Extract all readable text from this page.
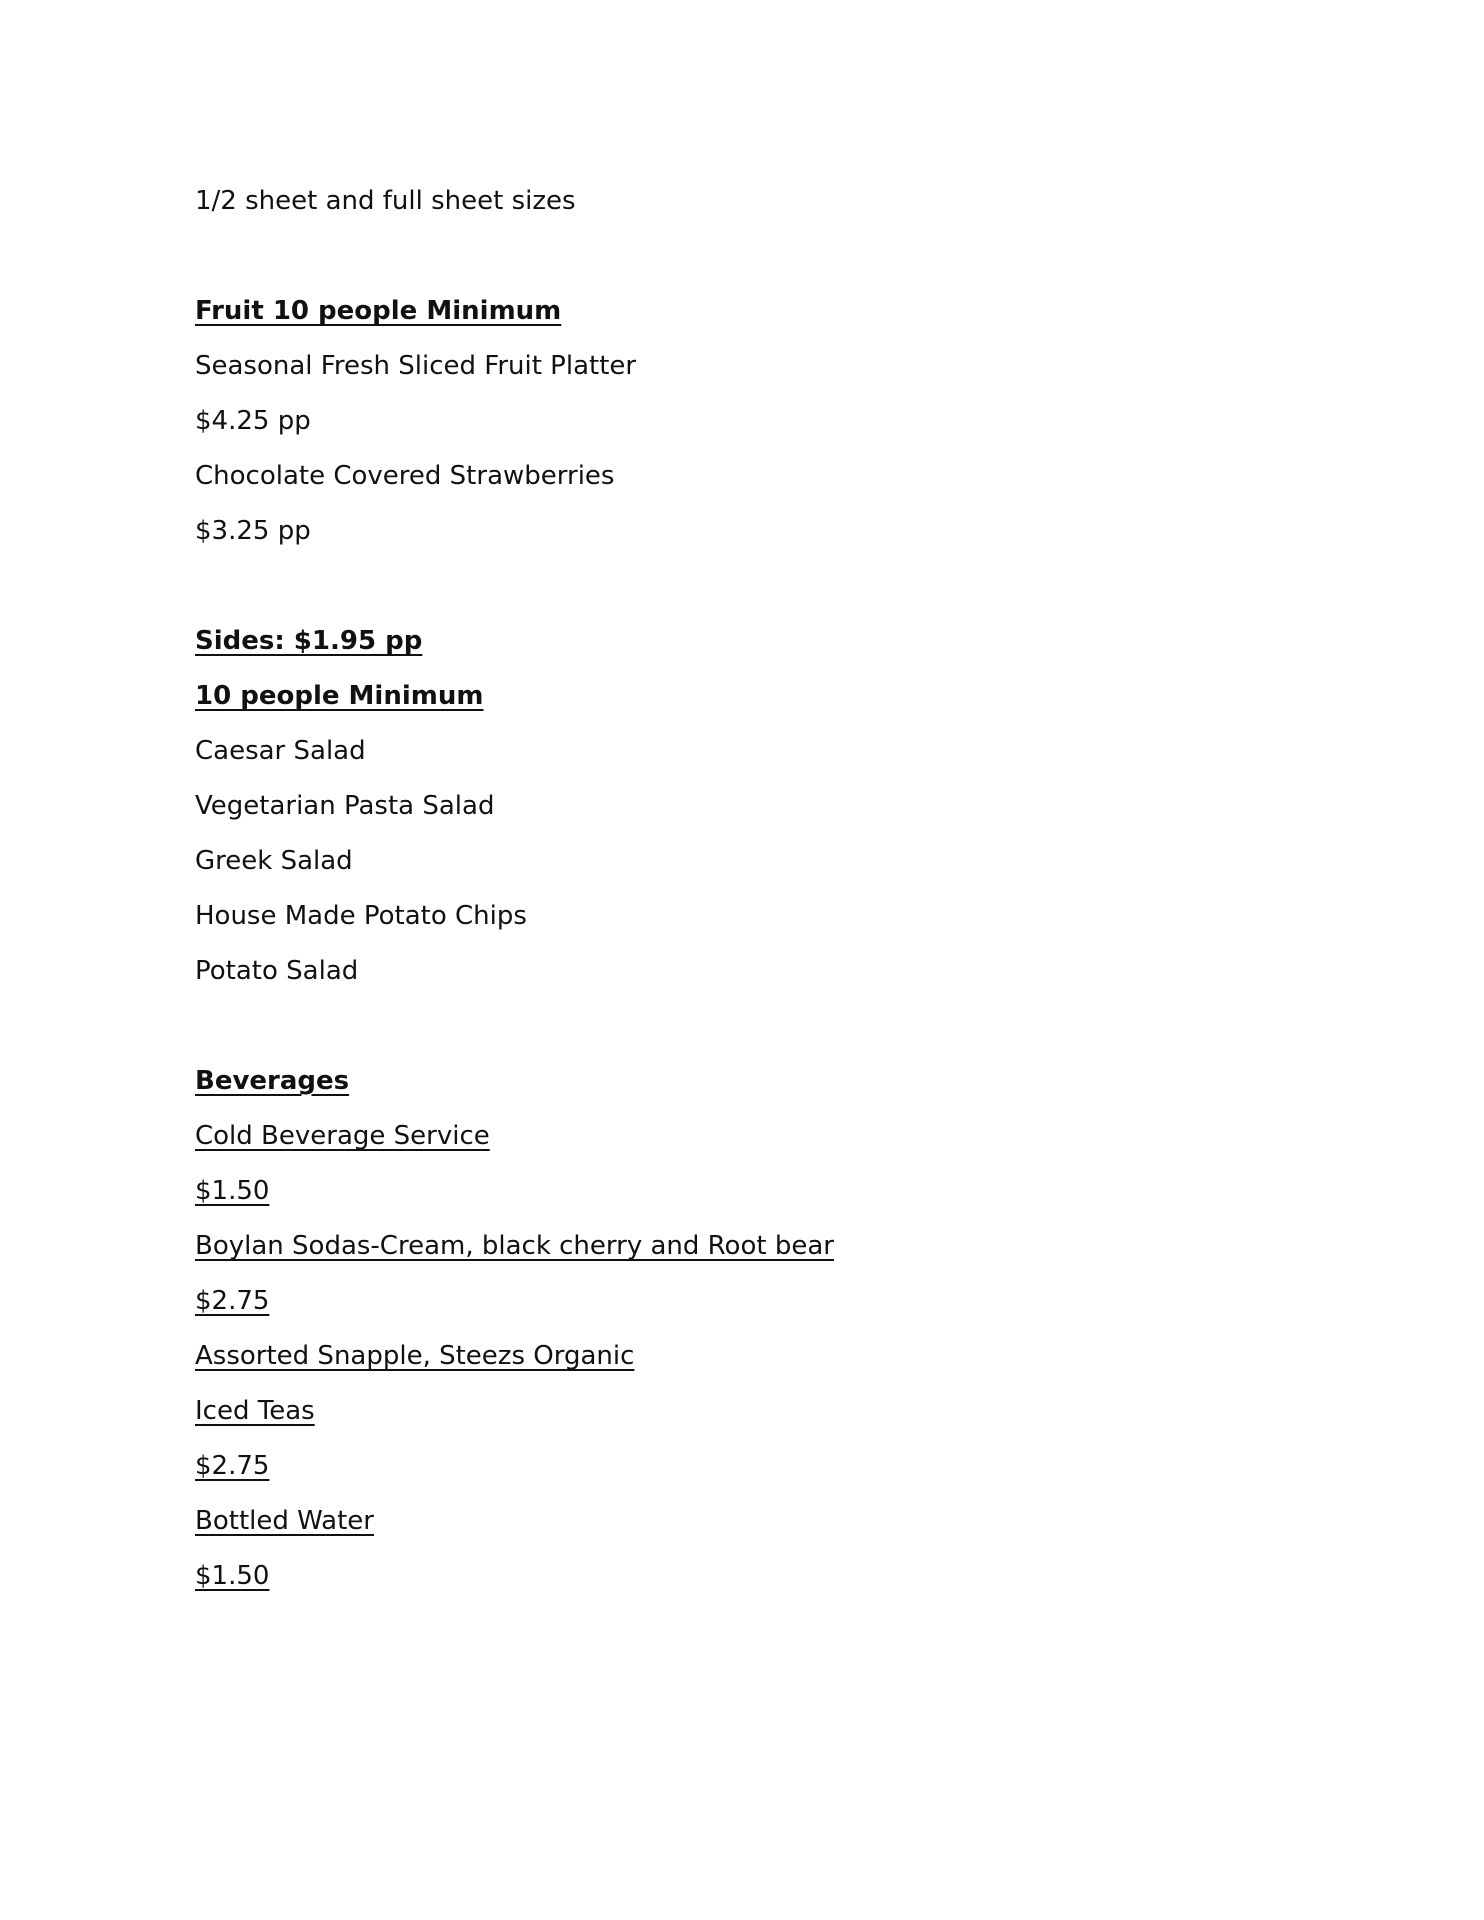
1/2 sheet and full sheet sizes
Fruit 10 people Minimum
Seasonal Fresh Sliced Fruit Platter
$4.25 pp
Chocolate Covered Strawberries
$3.25 pp
Sides: $1.95 pp
10 people Minimum
Caesar Salad
Vegetarian Pasta Salad
Greek Salad
House Made Potato Chips
Potato Salad
Beverages
Cold Beverage Service
$1.50
Boylan Sodas-Cream, black cherry and Root bear
$2.75
Assorted Snapple, Steezs Organic
Iced Teas
$2.75
Bottled Water
$1.50
